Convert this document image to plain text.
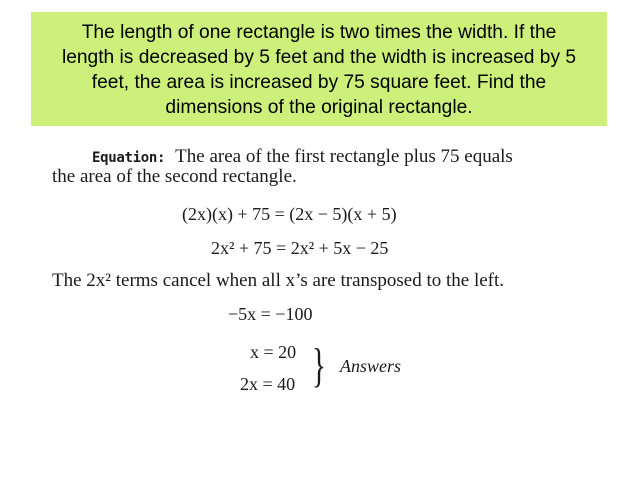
The length of one rectangle is two times the width. If the
length is decreased by 5 feet and the width is increased by 5
feet, the area is increased by 75 square feet. Find the
dimensions of the original rectangle.
Equation: The area of the first rectangle plus 75 equals
the area of the second rectangle.
(2x)(x) + 75 = (2x − 5)(x + 5)
2x² + 75 = 2x² + 5x − 25
The 2x² terms cancel when all x’s are transposed to the left.
−5x = −100
x = 20
2x = 40 } Answers
